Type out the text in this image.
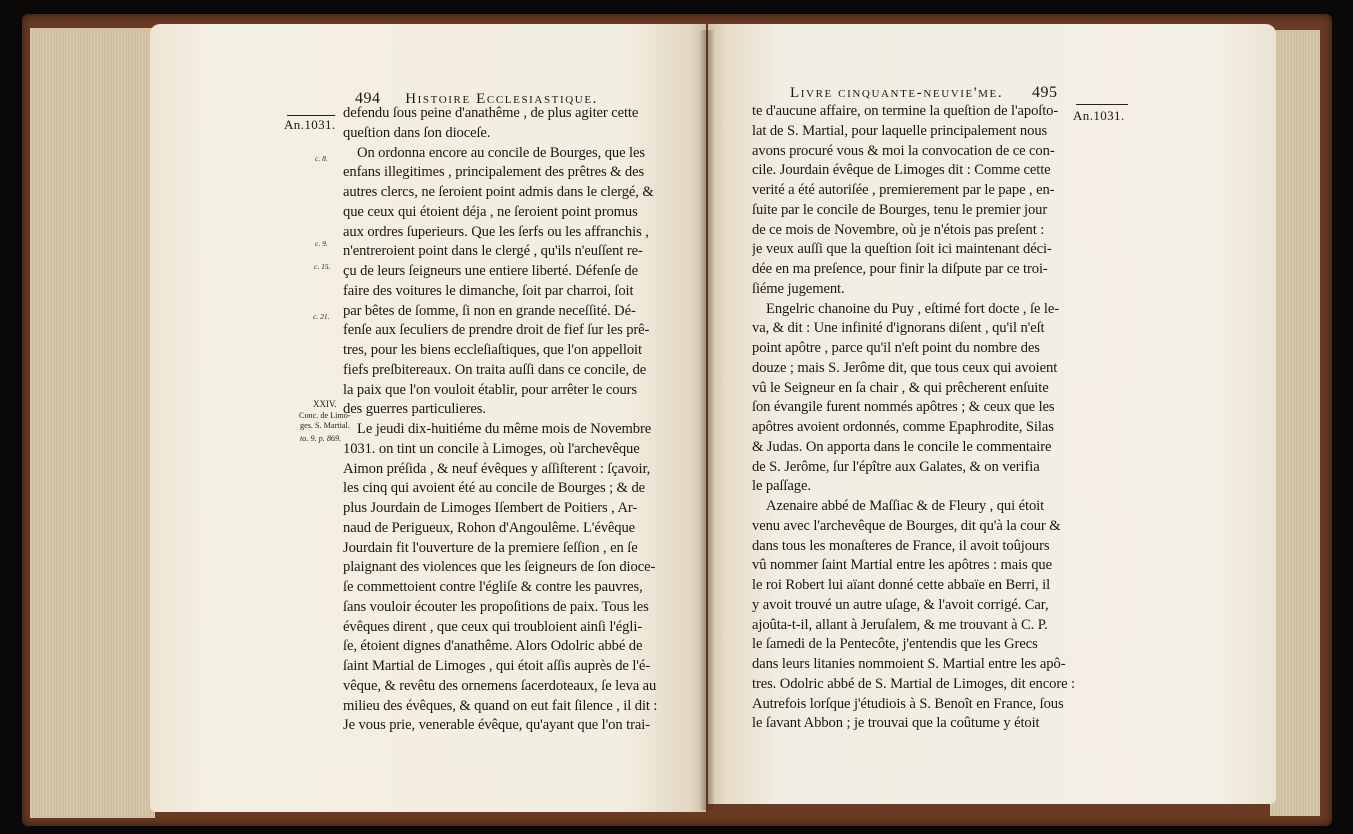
494 Histoire Ecclesiastique.
An.1031.
c. 8.
c. 9.
c. 15.
c. 21.
XXIV.
Conc. de Limo-
ges. S. Martial.
to. 9. p. 869.
defendu ſous peine d'anathême , de plus agiter cette
queſtion dans ſon dioceſe.
On ordonna encore au concile de Bourges, que les
enfans illegitimes , principalement des prêtres & des
autres clercs, ne ſeroient point admis dans le clergé, &
que ceux qui étoient déja , ne ſeroient point promus
aux ordres ſuperieurs. Que les ſerfs ou les affranchis ,
n'entreroient point dans le clergé , qu'ils n'euſſent re-
çu de leurs ſeigneurs une entiere liberté. Défenſe de
faire des voitures le dimanche, ſoit par charroi, ſoit
par bêtes de ſomme, ſi non en grande neceſſité. Dé-
fenſe aux ſeculiers de prendre droit de fief ſur les prê-
tres, pour les biens eccleſiaſtiques, que l'on appelloit
fiefs preſbitereaux. On traita auſſi dans ce concile, de
la paix que l'on vouloit établir, pour arrêter le cours
des guerres particulieres.
Le jeudi dix-huitiéme du même mois de Novembre
1031. on tint un concile à Limoges, où l'archevêque
Aimon préſida , & neuf évêques y aſſiſterent : ſçavoir,
les cinq qui avoient été au concile de Bourges ; & de
plus Jourdain de Limoges Iſembert de Poitiers , Ar-
naud de Perigueux, Rohon d'Angoulême. L'évêque
Jourdain fit l'ouverture de la premiere ſeſſion , en ſe
plaignant des violences que les ſeigneurs de ſon dioce-
ſe commettoient contre l'égliſe & contre les pauvres,
ſans vouloir écouter les propoſitions de paix. Tous les
évêques dirent , que ceux qui troubloient ainſi l'égli-
ſe, étoient dignes d'anathême. Alors Odolric abbé de
ſaint Martial de Limoges , qui étoit aſſis auprès de l'é-
vêque, & revêtu des ornemens ſacerdoteaux, ſe leva au
milieu des évêques, & quand on eut fait ſilence , il dit :
Je vous prie, venerable évêque, qu'ayant que l'on trai-
Livre cinquante-neuvie'me. 495
An.1031.
te d'aucune affaire, on termine la queſtion de l'apoſto-
lat de S. Martial, pour laquelle principalement nous
avons procuré vous & moi la convocation de ce con-
cile. Jourdain évêque de Limoges dit : Comme cette
verité a été autoriſée , premierement par le pape , en-
ſuite par le concile de Bourges, tenu le premier jour
de ce mois de Novembre, où je n'étois pas preſent :
je veux auſſi que la queſtion ſoit ici maintenant déci-
dée en ma preſence, pour finir la diſpute par ce troi-
ſiéme jugement.
Engelric chanoine du Puy , eſtimé fort docte , ſe le-
va, & dit : Une infinité d'ignorans diſent , qu'il n'eſt
point apôtre , parce qu'il n'eſt point du nombre des
douze ; mais S. Jerôme dit, que tous ceux qui avoient
vû le Seigneur en ſa chair , & qui prêcherent enſuite
ſon évangile furent nommés apôtres ; & ceux que les
apôtres avoient ordonnés, comme Epaphrodite, Silas
& Judas. On apporta dans le concile le commentaire
de S. Jerôme, ſur l'épître aux Galates, & on verifia
le paſſage.
Azenaire abbé de Maſſiac & de Fleury , qui étoit
venu avec l'archevêque de Bourges, dit qu'à la cour &
dans tous les monaſteres de France, il avoit toûjours
vû nommer ſaint Martial entre les apôtres : mais que
le roi Robert lui aïant donné cette abbaïe en Berri, il
y avoit trouvé un autre uſage, & l'avoit corrigé. Car,
ajoûta-t-il, allant à Jeruſalem, & me trouvant à C. P.
le ſamedi de la Pentecôte, j'entendis que les Grecs
dans leurs litanies nommoient S. Martial entre les apô-
tres. Odolric abbé de S. Martial de Limoges, dit encore :
Autrefois lorſque j'étudiois à S. Benoît en France, ſous
le ſavant Abbon ; je trouvai que la coûtume y étoit
